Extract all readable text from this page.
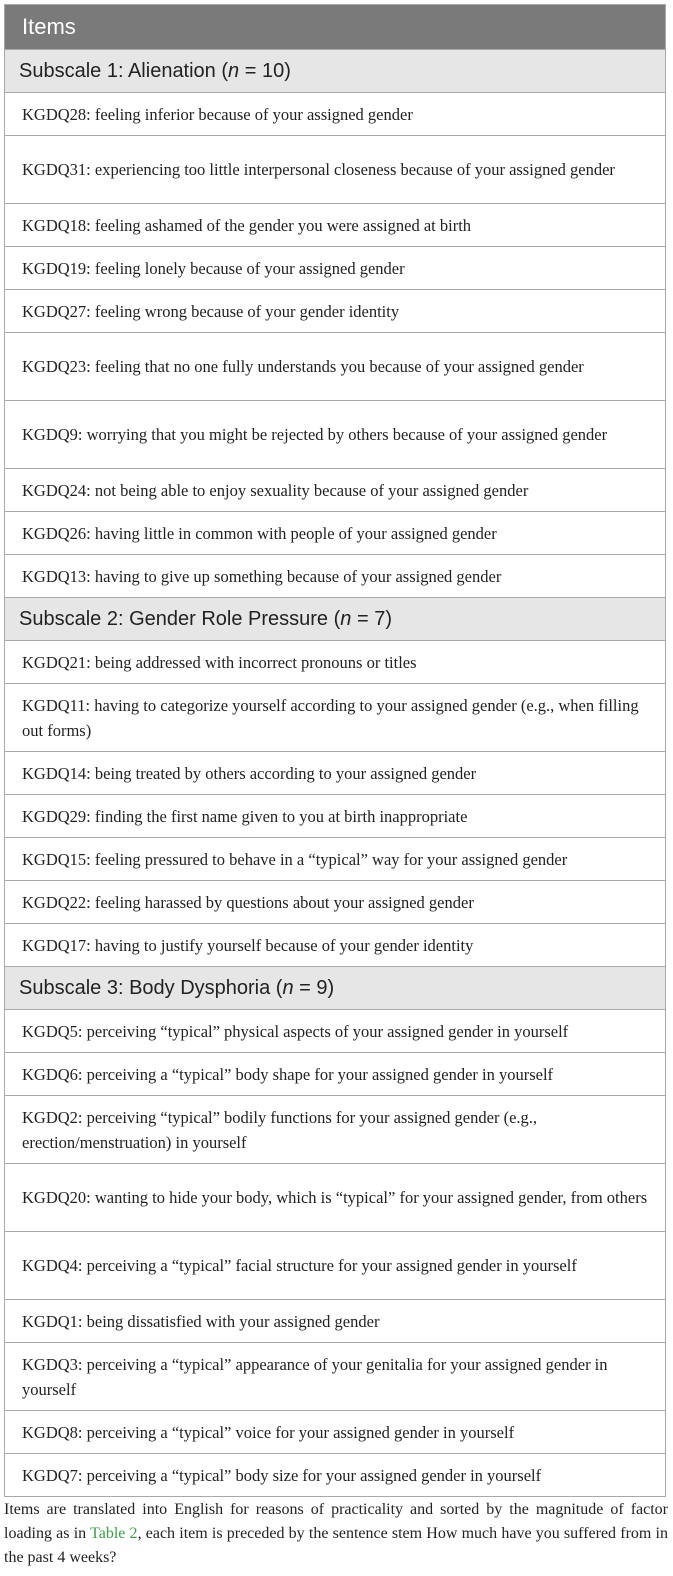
Items
Subscale 1: Alienation ( n = 10)
KGDQ28: feeling inferior because of your assigned gender
KGDQ31: experiencing too little interpersonal closeness because of your assigned gender
KGDQ18: feeling ashamed of the gender you were assigned at birth
KGDQ19: feeling lonely because of your assigned gender
KGDQ27: feeling wrong because of your gender identity
KGDQ23: feeling that no one fully understands you because of your assigned gender
KGDQ9: worrying that you might be rejected by others because of your assigned gender
KGDQ24: not being able to enjoy sexuality because of your assigned gender
KGDQ26: having little in common with people of your assigned gender
KGDQ13: having to give up something because of your assigned gender
Subscale 2: Gender Role Pressure ( n = 7)
KGDQ21: being addressed with incorrect pronouns or titles
KGDQ11: having to categorize yourself according to your assigned gender (e.g., when filling out forms)
KGDQ14: being treated by others according to your assigned gender
KGDQ29: finding the first name given to you at birth inappropriate
KGDQ15: feeling pressured to behave in a “typical” way for your assigned gender
KGDQ22: feeling harassed by questions about your assigned gender
KGDQ17: having to justify yourself because of your gender identity
Subscale 3: Body Dysphoria ( n = 9)
KGDQ5: perceiving “typical” physical aspects of your assigned gender in yourself
KGDQ6: perceiving a “typical” body shape for your assigned gender in yourself
KGDQ2: perceiving “typical” bodily functions for your assigned gender (e.g., erection/menstruation) in yourself
KGDQ20: wanting to hide your body, which is “typical” for your assigned gender, from others
KGDQ4: perceiving a “typical” facial structure for your assigned gender in yourself
KGDQ1: being dissatisfied with your assigned gender
KGDQ3: perceiving a “typical” appearance of your genitalia for your assigned gender in yourself
KGDQ8: perceiving a “typical” voice for your assigned gender in yourself
KGDQ7: perceiving a “typical” body size for your assigned gender in yourself
Items are translated into English for reasons of practicality and sorted by the magnitude of factor loading as in Table 2, each item is preceded by the sentence stem How much have you suffered from in the past 4 weeks?
